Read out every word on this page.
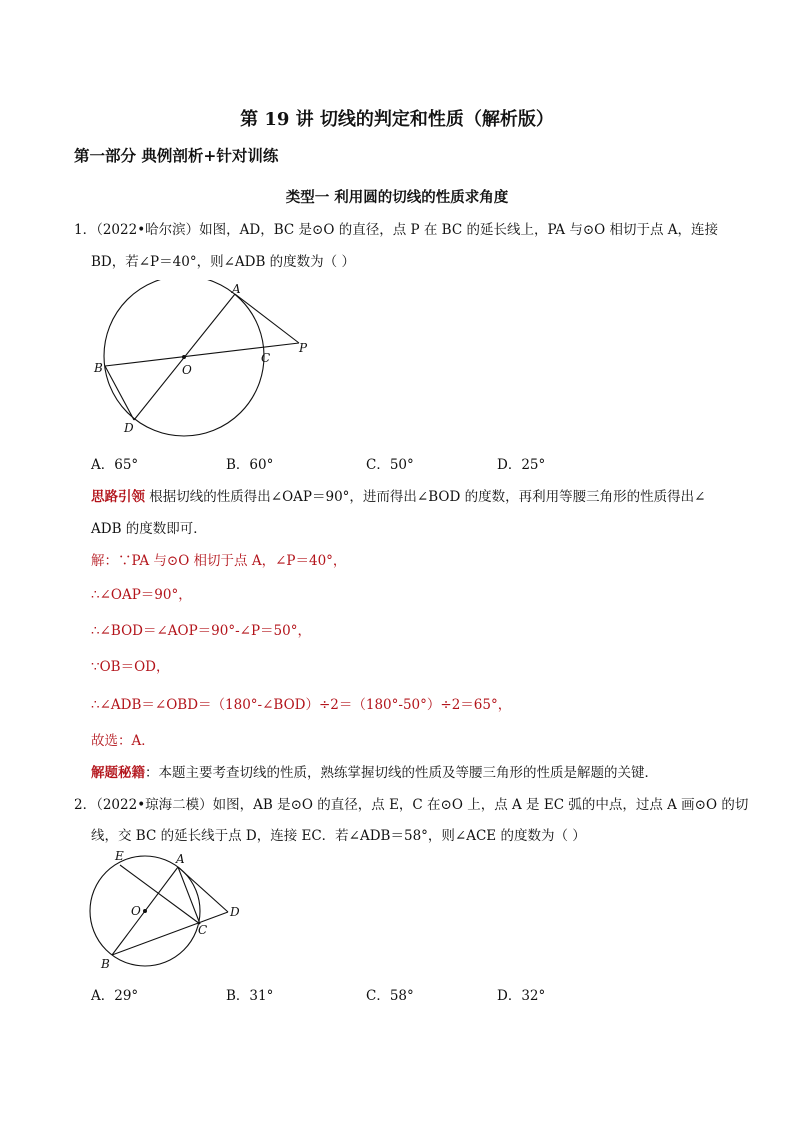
第 19 讲 切线的判定和性质（解析版）
第一部分 典例剖析+针对训练
类型一 利用圆的切线的性质求角度
1．（2022•哈尔滨）如图，AD，BC 是⊙O 的直径，点 P 在 BC 的延长线上，PA 与⊙O 相切于点 A，连接
BD，若∠P＝40°，则∠ADB 的度数为（ ）
A
B
C
D
O
P
A．65°	B．60°	C．50°	D．25°
思路引领 根据切线的性质得出∠OAP＝90°，进而得出∠BOD 的度数，再利用等腰三角形的性质得出∠
ADB 的度数即可．
解：∵PA 与⊙O 相切于点 A，∠P＝40°，
∴∠OAP＝90°，
∴∠BOD＝∠AOP＝90°-∠P＝50°，
∵OB＝OD，
∴∠ADB＝∠OBD＝（180°-∠BOD）÷2＝（180°-50°）÷2＝65°，
故选：A．
解题秘籍：本题主要考查切线的性质，熟练掌握切线的性质及等腰三角形的性质是解题的关键．
2．（2022•琼海二模）如图，AB 是⊙O 的直径，点 E，C 在⊙O 上，点 A 是 EC 弧的中点，过点 A 画⊙O 的切
线，交 BC 的延长线于点 D，连接 EC．若∠ADB＝58°，则∠ACE 的度数为（ ）
E	A
O
C
D
B
A．29°	B．31°	C．58°	D．32°
